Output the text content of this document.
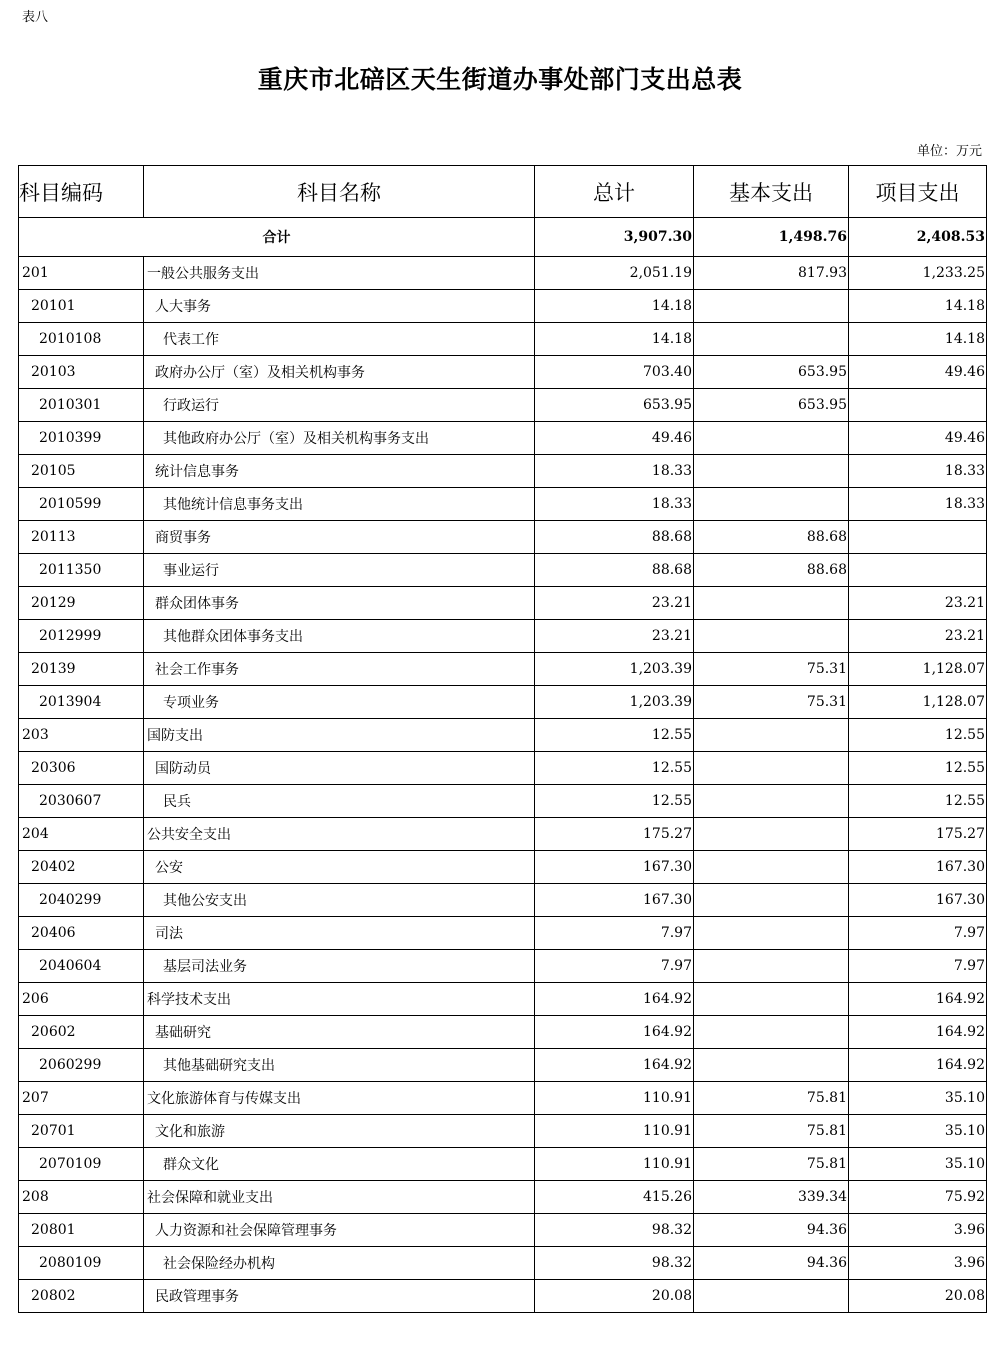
表八
重庆市北碚区天生街道办事处部门支出总表
单位：万元
科目编码	科目名称	总计	基本支出	项目支出
合计		3,907.30	1,498.76	2,408.53
201	一般公共服务支出	2,051.19	817.93	1,233.25
20101	人大事务	14.18		14.18
2010108	代表工作	14.18		14.18
20103	政府办公厅（室）及相关机构事务	703.40	653.95	49.46
2010301	行政运行	653.95	653.95	
2010399	其他政府办公厅（室）及相关机构事务支出	49.46		49.46
20105	统计信息事务	18.33		18.33
2010599	其他统计信息事务支出	18.33		18.33
20113	商贸事务	88.68	88.68	
2011350	事业运行	88.68	88.68	
20129	群众团体事务	23.21		23.21
2012999	其他群众团体事务支出	23.21		23.21
20139	社会工作事务	1,203.39	75.31	1,128.07
2013904	专项业务	1,203.39	75.31	1,128.07
203	国防支出	12.55		12.55
20306	国防动员	12.55		12.55
2030607	民兵	12.55		12.55
204	公共安全支出	175.27		175.27
20402	公安	167.30		167.30
2040299	其他公安支出	167.30		167.30
20406	司法	7.97		7.97
2040604	基层司法业务	7.97		7.97
206	科学技术支出	164.92		164.92
20602	基础研究	164.92		164.92
2060299	其他基础研究支出	164.92		164.92
207	文化旅游体育与传媒支出	110.91	75.81	35.10
20701	文化和旅游	110.91	75.81	35.10
2070109	群众文化	110.91	75.81	35.10
208	社会保障和就业支出	415.26	339.34	75.92
20801	人力资源和社会保障管理事务	98.32	94.36	3.96
2080109	社会保险经办机构	98.32	94.36	3.96
20802	民政管理事务	20.08		20.08
